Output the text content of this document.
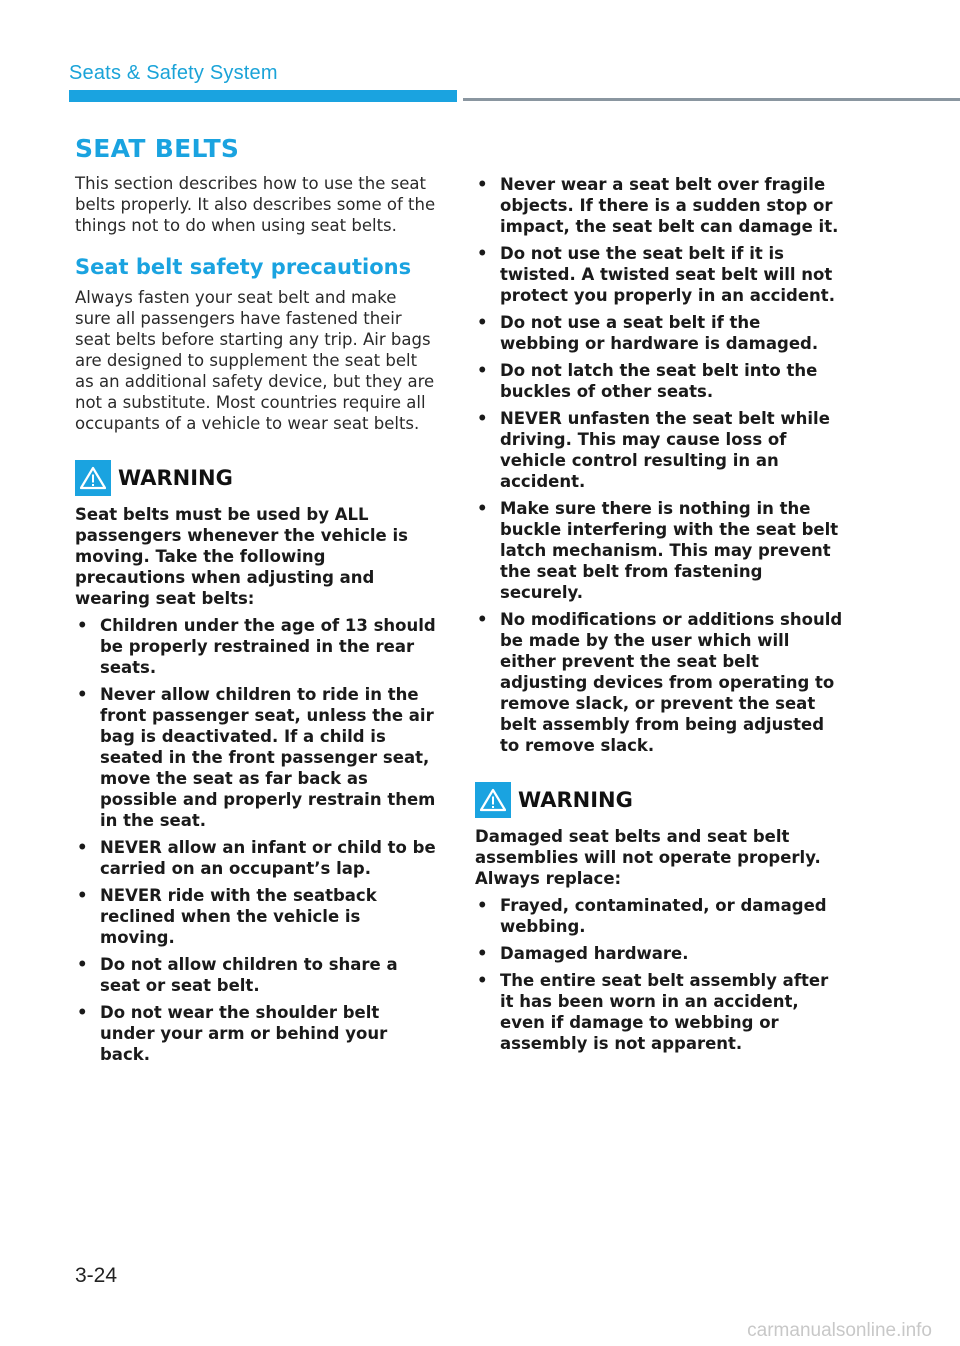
Seats & Safety System
SEAT BELTS

This section describes how to use the seat belts properly. It also describes some of the things not to do when using seat belts.

Seat belt safety precautions

Always fasten your seat belt and make sure all passengers have fastened their seat belts before starting any trip. Air bags are designed to supplement the seat belt as an additional safety device, but they are not a substitute. Most countries require all occupants of a vehicle to wear seat belts.

WARNING

Seat belts must be used by ALL passengers whenever the vehicle is moving. Take the following precautions when adjusting and wearing seat belts:

• Children under the age of 13 should be properly restrained in the rear seats.
• Never allow children to ride in the front passenger seat, unless the air bag is deactivated. If a child is seated in the front passenger seat, move the seat as far back as possible and properly restrain them in the seat.
• NEVER allow an infant or child to be carried on an occupant’s lap.
• NEVER ride with the seatback reclined when the vehicle is moving.
• Do not allow children to share a seat or seat belt.
• Do not wear the shoulder belt under your arm or behind your back.
• Never wear a seat belt over fragile objects. If there is a sudden stop or impact, the seat belt can damage it.
• Do not use the seat belt if it is twisted. A twisted seat belt will not protect you properly in an accident.
• Do not use a seat belt if the webbing or hardware is damaged.
• Do not latch the seat belt into the buckles of other seats.
• NEVER unfasten the seat belt while driving. This may cause loss of vehicle control resulting in an accident.
• Make sure there is nothing in the buckle interfering with the seat belt latch mechanism. This may prevent the seat belt from fastening securely.
• No modifications or additions should be made by the user which will either prevent the seat belt adjusting devices from operating to remove slack, or prevent the seat belt assembly from being adjusted to remove slack.
WARNING

Damaged seat belts and seat belt assemblies will not operate properly. Always replace:

• Frayed, contaminated, or damaged webbing.
• Damaged hardware.
• The entire seat belt assembly after it has been worn in an accident, even if damage to webbing or assembly is not apparent.
3-24
carmanualsonline.info
